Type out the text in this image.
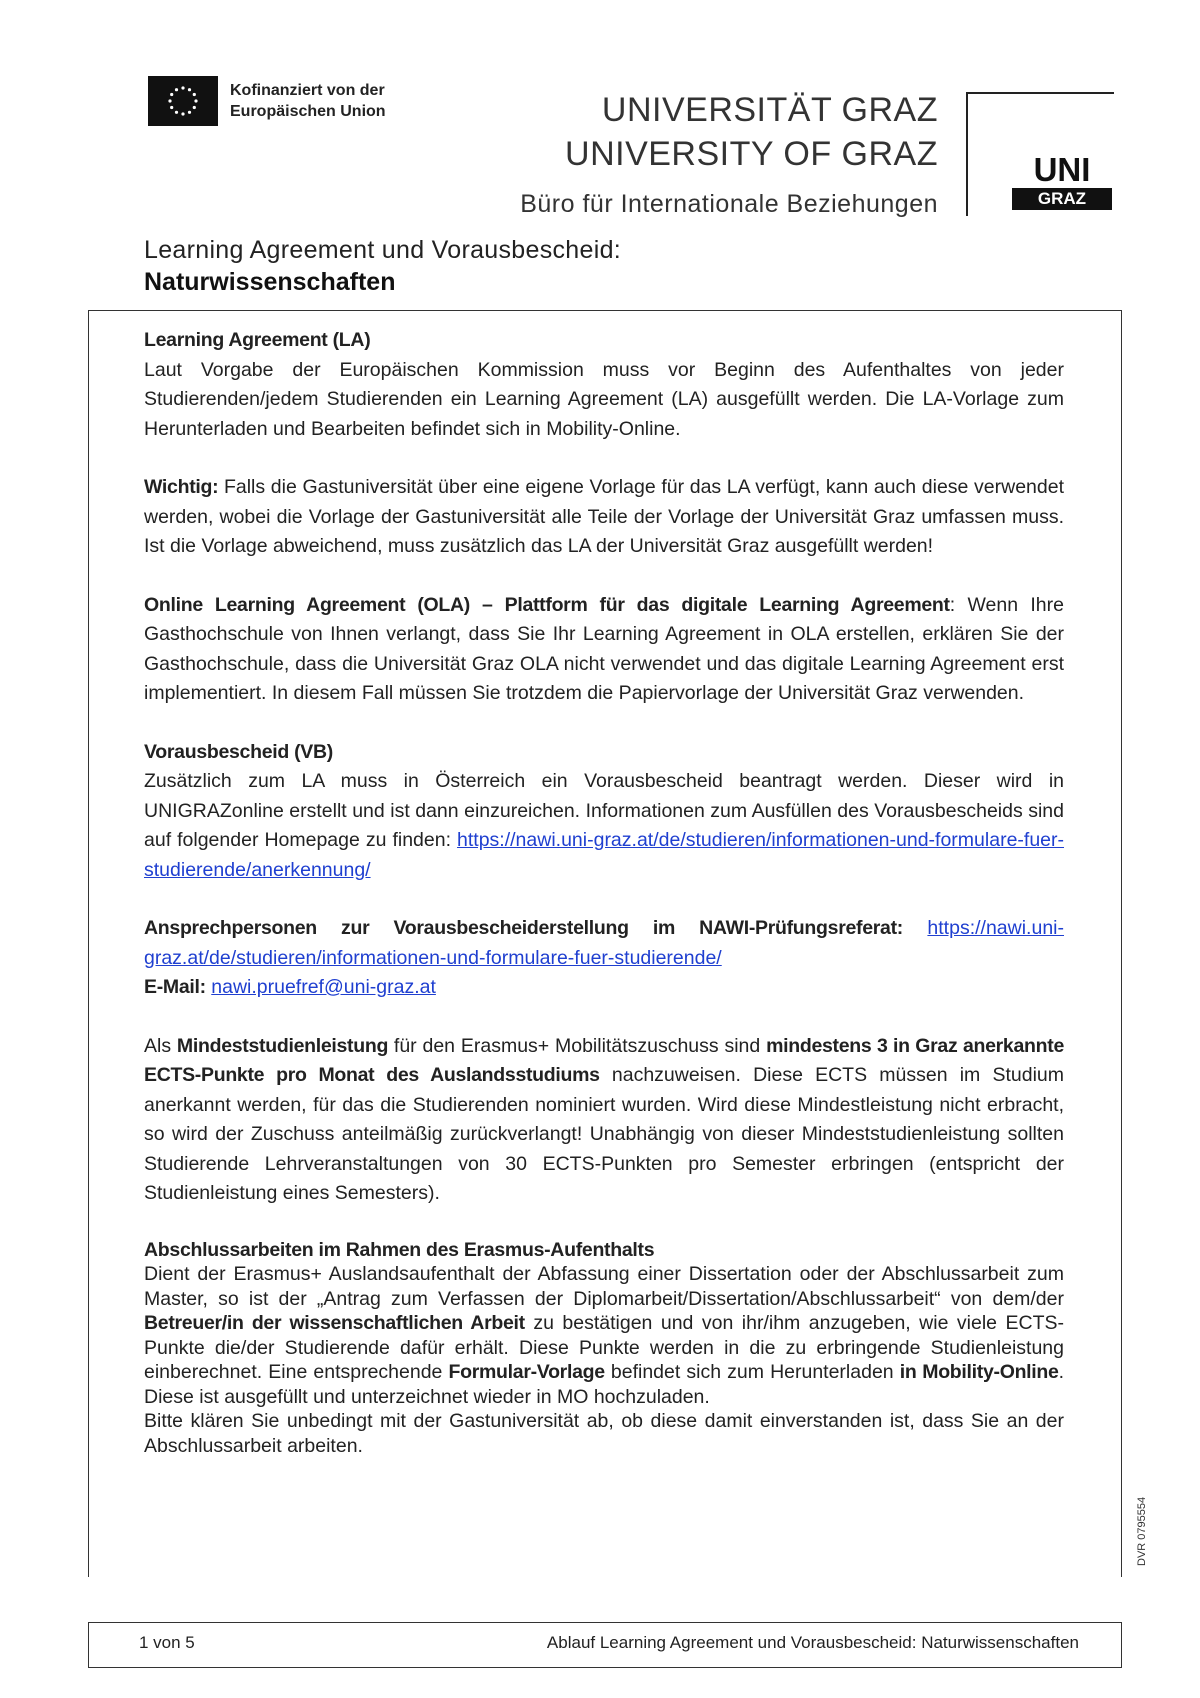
Kofinanziert von der
Europäischen Union	UNIVERSITÄT GRAZ
UNIVERSITY OF GRAZ
Büro für Internationale Beziehungen
UNI
GRAZ
Learning Agreement und Vorausbescheid:
Naturwissenschaften

Learning Agreement (LA)
Laut Vorgabe der Europäischen Kommission muss vor Beginn des Aufenthaltes von jeder Studierenden/jedem Studierenden ein Learning Agreement (LA) ausgefüllt werden. Die LA-Vorlage zum Herunterladen und Bearbeiten befindet sich in Mobility-Online.

Wichtig: Falls die Gastuniversität über eine eigene Vorlage für das LA verfügt, kann auch diese verwendet werden, wobei die Vorlage der Gastuniversität alle Teile der Vorlage der Universität Graz umfassen muss. Ist die Vorlage abweichend, muss zusätzlich das LA der Universität Graz ausgefüllt werden!

Online Learning Agreement (OLA) – Plattform für das digitale Learning Agreement: Wenn Ihre Gasthochschule von Ihnen verlangt, dass Sie Ihr Learning Agreement in OLA erstellen, erklären Sie der Gasthochschule, dass die Universität Graz OLA nicht verwendet und das digitale Learning Agreement erst implementiert. In diesem Fall müssen Sie trotzdem die Papiervorlage der Universität Graz verwenden.

Vorausbescheid (VB)
Zusätzlich zum LA muss in Österreich ein Vorausbescheid beantragt werden. Dieser wird in UNIGRAZonline erstellt und ist dann einzureichen. Informationen zum Ausfüllen des Vorausbescheids sind auf folgender Homepage zu finden: https://nawi.uni-graz.at/de/studieren/informationen-und-formulare-fuer-studierende/anerkennung/

Ansprechpersonen zur Vorausbescheiderstellung im NAWI-Prüfungsreferat: https://nawi.uni-graz.at/de/studieren/informationen-und-formulare-fuer-studierende/
E-Mail: nawi.pruefref@uni-graz.at

Als Mindeststudienleistung für den Erasmus+ Mobilitätszuschuss sind mindestens 3 in Graz anerkannte ECTS-Punkte pro Monat des Auslandsstudiums nachzuweisen. Diese ECTS müssen im Studium anerkannt werden, für das die Studierenden nominiert wurden. Wird diese Mindestleistung nicht erbracht, so wird der Zuschuss anteilmäßig zurückverlangt! Unabhängig von dieser Mindeststudienleistung sollten Studierende Lehrveranstaltungen von 30 ECTS-Punkten pro Semester erbringen (entspricht der Studienleistung eines Semesters).

Abschlussarbeiten im Rahmen des Erasmus-Aufenthalts
Dient der Erasmus+ Auslandsaufenthalt der Abfassung einer Dissertation oder der Abschlussarbeit zum Master, so ist der „Antrag zum Verfassen der Diplomarbeit/Dissertation/Abschlussarbeit“ von dem/der Betreuer/in der wissenschaftlichen Arbeit zu bestätigen und von ihr/ihm anzugeben, wie viele ECTS-Punkte die/der Studierende dafür erhält. Diese Punkte werden in die zu erbringende Studienleistung einberechnet. Eine entsprechende Formular-Vorlage befindet sich zum Herunterladen in Mobility-Online. Diese ist ausgefüllt und unterzeichnet wieder in MO hochzuladen.
Bitte klären Sie unbedingt mit der Gastuniversität ab, ob diese damit einverstanden ist, dass Sie an der Abschlussarbeit arbeiten.

DVR 0795554
1 von 5	Ablauf Learning Agreement und Vorausbescheid: Naturwissenschaften
